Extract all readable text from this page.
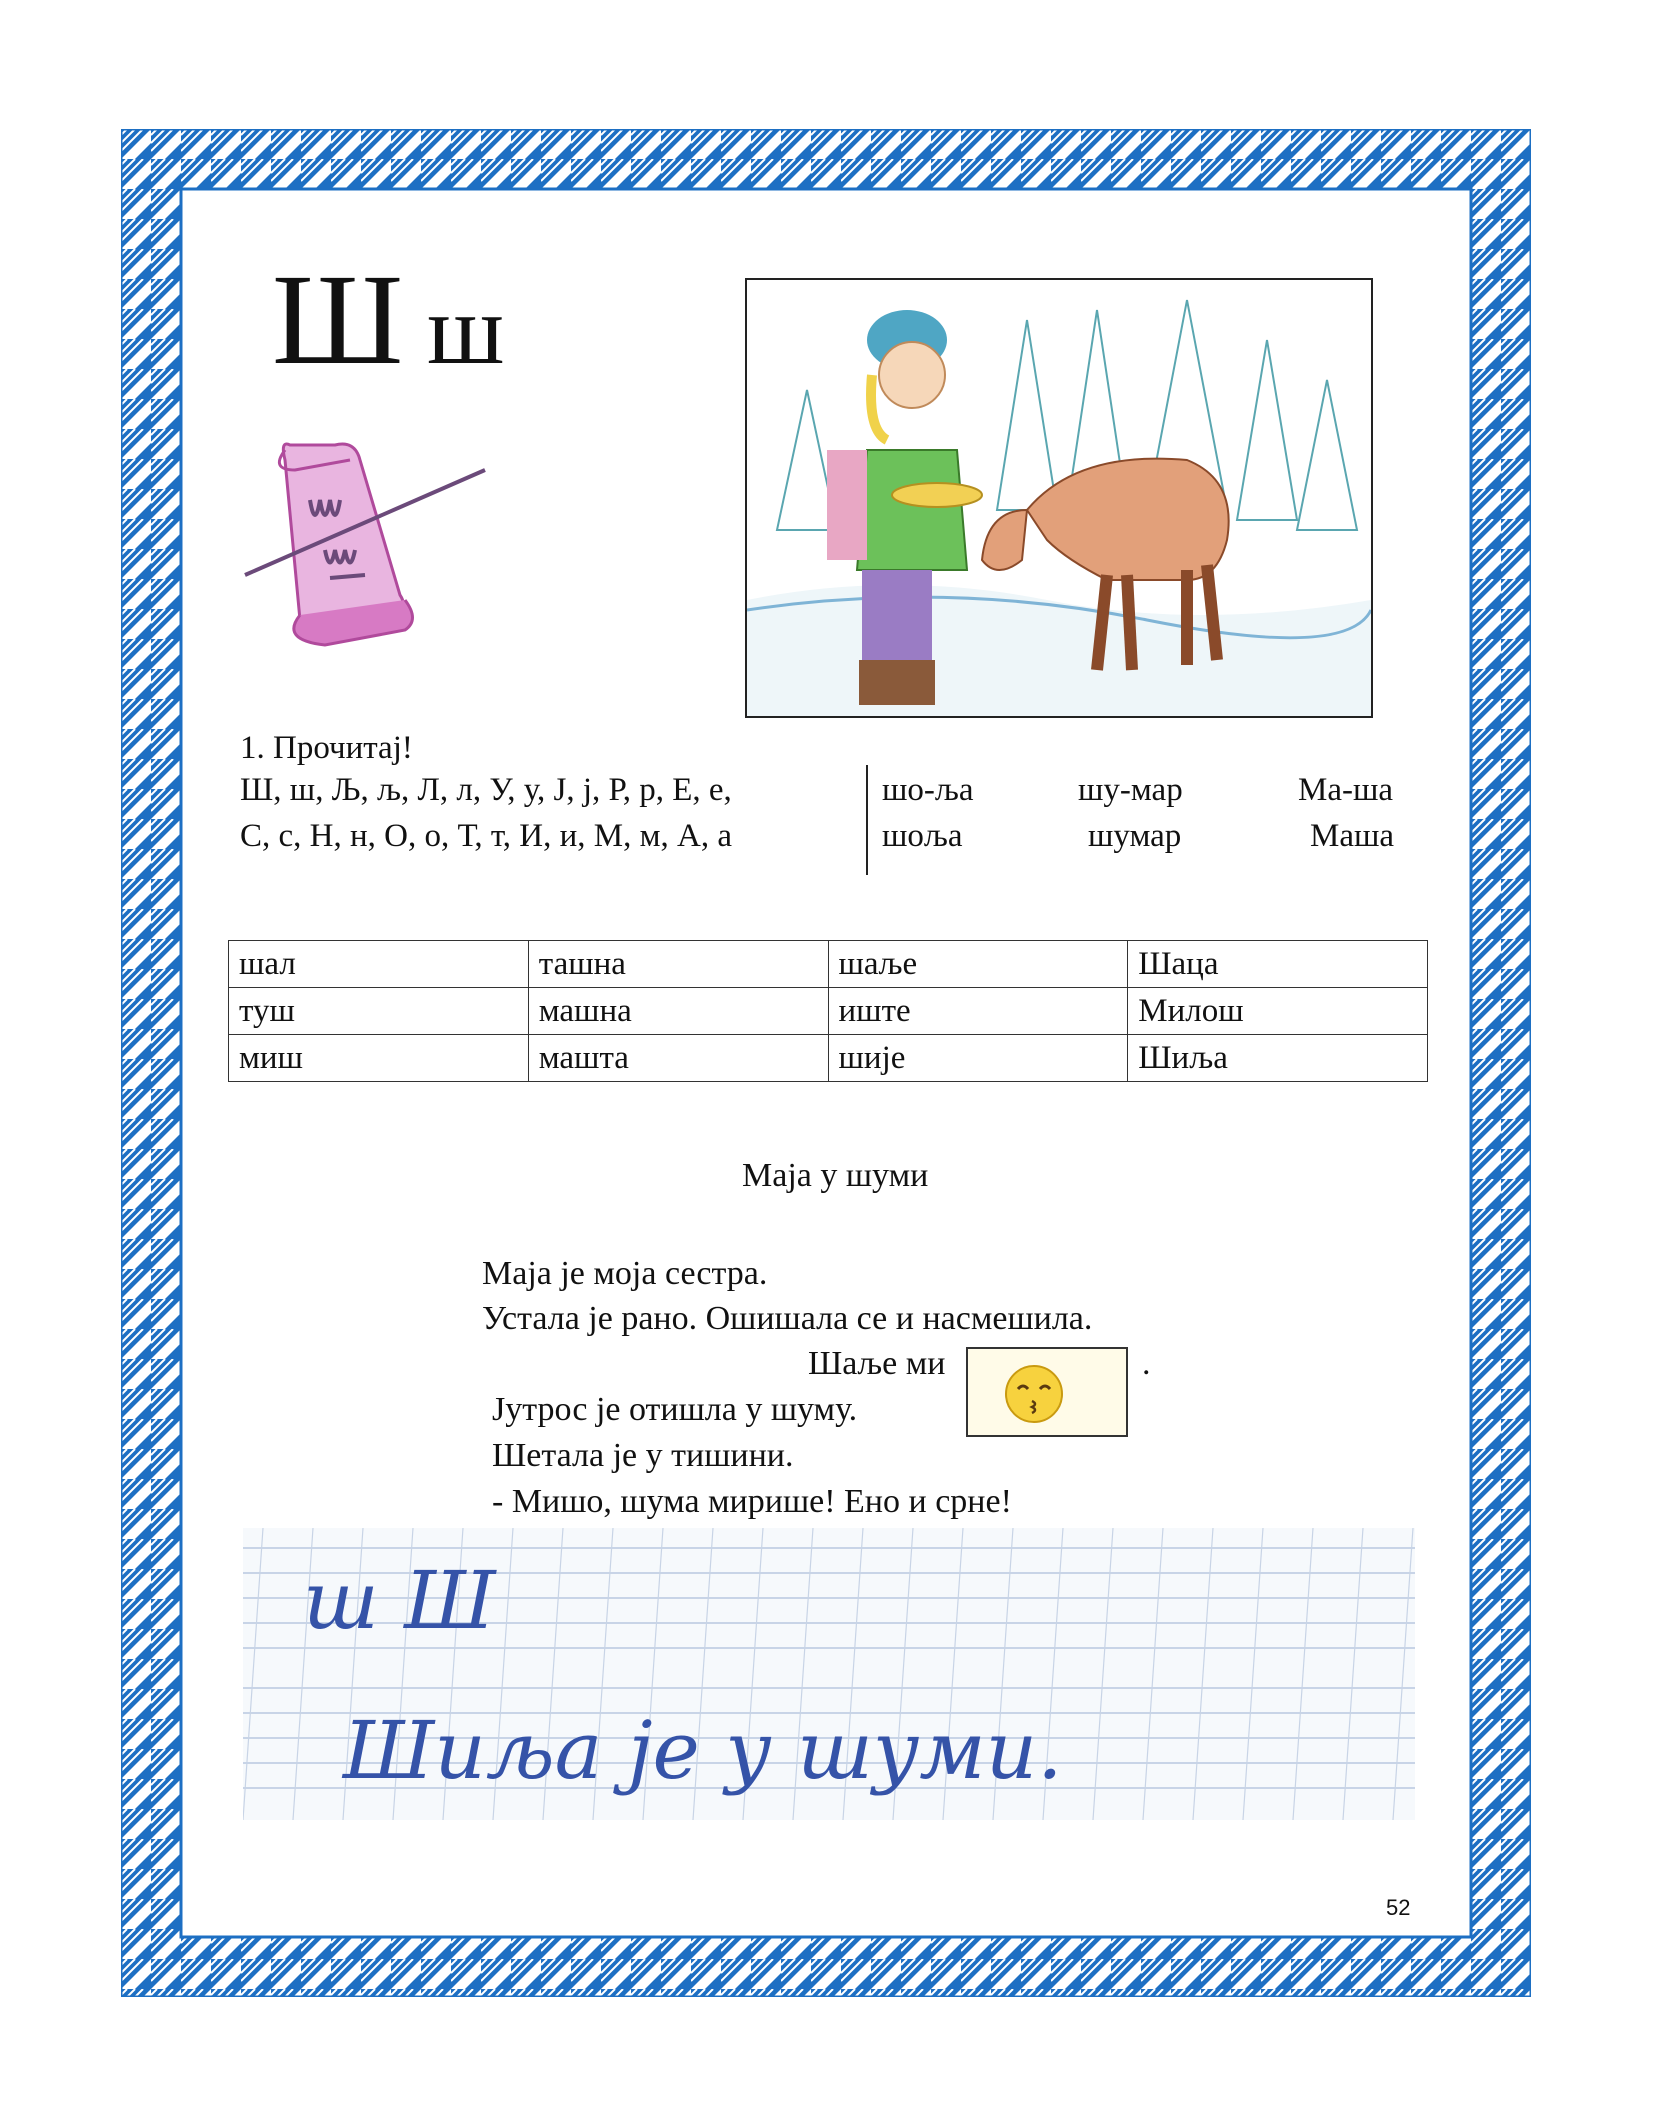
Ш ш
1. Прочитај!
Ш, ш, Љ, љ, Л, л, У, у, Ј, ј, Р, р, Е, е,
С, с, Н, н, О, о, Т, т, И, и, М, м, А, а
шо-ља	шу-мар	Ма-ша
шоља	шумар	Маша
шал	ташна	шаље	Шаца
туш	машна	иште	Милош
миш	машта	шије	Шиља
Маја у шуми
Маја је моја сестра.
Устала је рано. Ошишала се и насмешила.
Шаље ми	.
Јутрос је отишла у шуму.
Шетала је у тишини.
- Мишо, шума мирише! Ено и срне!
ш Ш
Шиља је у шуми.
52
